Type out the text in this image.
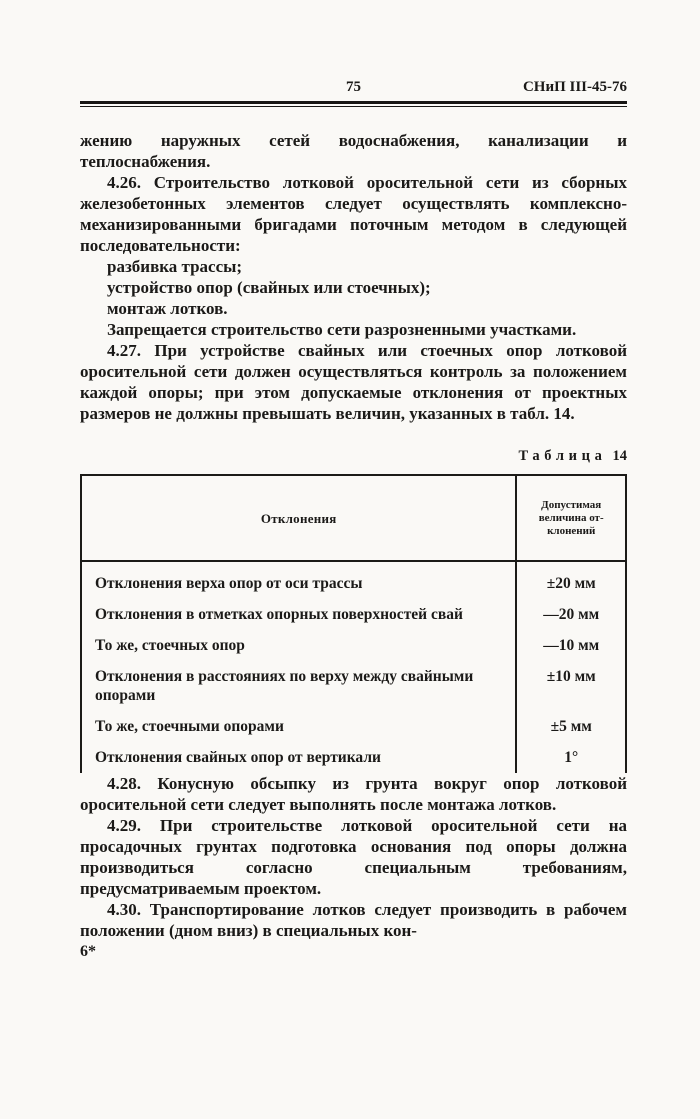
75	СНиП III-45-76

жению наружных сетей водоснабжения, канализации и теплоснабжения.

4.26. Строительство лотковой оросительной сети из сборных железобетонных элементов следует осуществлять комплексно-механизированными бригадами поточным методом в следующей последовательности:

разбивка трассы;

устройство опор (свайных или стоечных);

монтаж лотков.

Запрещается строительство сети разрозненными участками.

4.27. При устройстве свайных или стоечных опор лотковой оросительной сети должен осуществляться контроль за положением каждой опоры; при этом допускаемые отклонения от проектных размеров не должны превышать величин, указанных в табл. 14.

Таблица 14
Отклонения	Допустимая величина отклонений
Отклонения верха опор от оси трассы	±20 мм
Отклонения в отметках опорных поверхностей свай	—20 мм
То же, стоечных опор	—10 мм
Отклонения в расстояниях по верху между свайными опорами	±10 мм
То же, стоечными опорами	±5 мм
Отклонения свайных опор от вертикали	1°

4.28. Конусную обсыпку из грунта вокруг опор лотковой оросительной сети следует выполнять после монтажа лотков.

4.29. При строительстве лотковой оросительной сети на просадочных грунтах подготовка основания под опоры должна производиться согласно специальным требованиям, предусматриваемым проектом.

4.30. Транспортирование лотков следует производить в рабочем положении (дном вниз) в специальных кон-

6*
